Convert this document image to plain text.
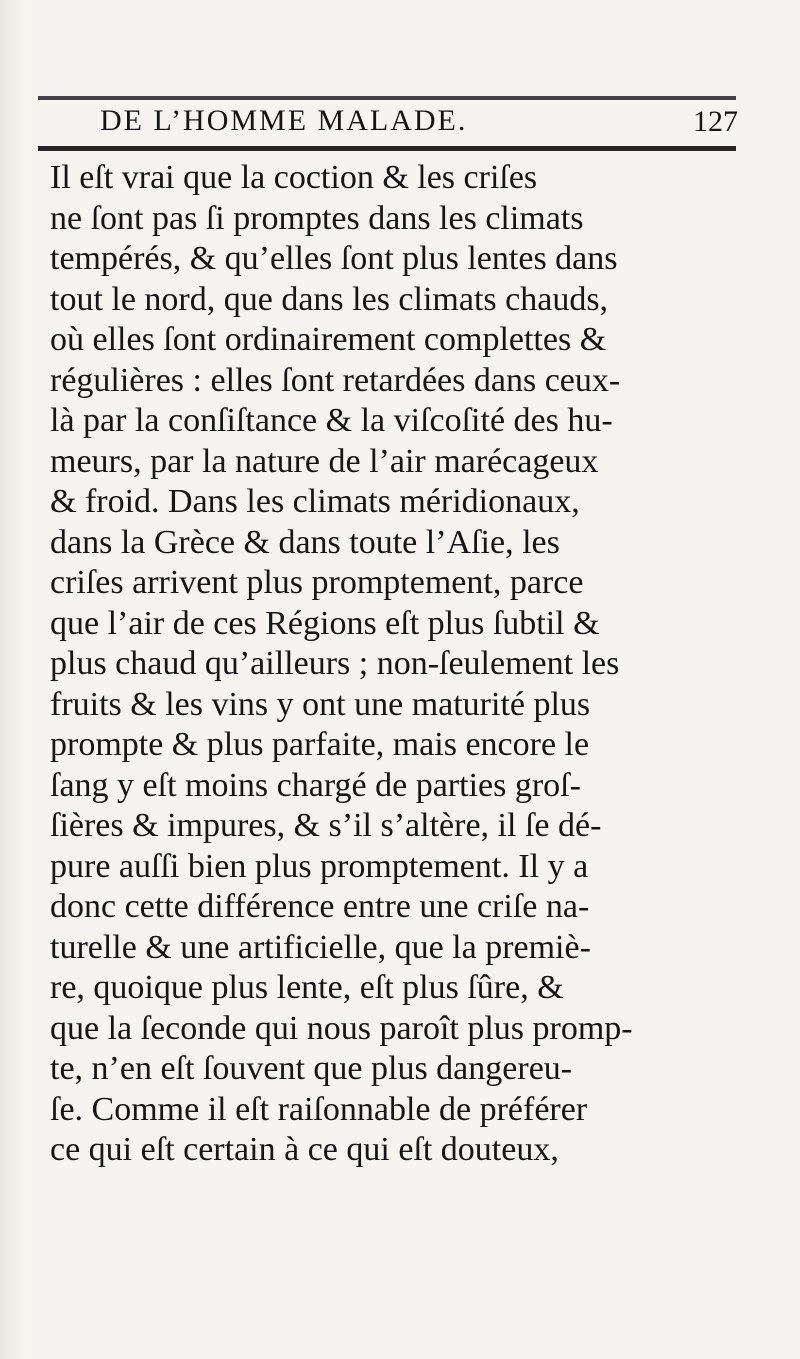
DE L’HOMME MALADE.	127
Il eſt vrai que la coction & les criſes
ne ſont pas ſi promptes dans les climats
tempérés, & qu’elles ſont plus lentes dans
tout le nord, que dans les climats chauds,
où elles ſont ordinairement complettes &
régulières : elles ſont retardées dans ceux-
là par la conſiſtance & la viſcoſité des hu-
meurs, par la nature de l’air marécageux
& froid. Dans les climats méridionaux,
dans la Grèce & dans toute l’Aſie, les
criſes arrivent plus promptement, parce
que l’air de ces Régions eſt plus ſubtil &
plus chaud qu’ailleurs ; non-ſeulement les
fruits & les vins y ont une maturité plus
prompte & plus parfaite, mais encore le
ſang y eſt moins chargé de parties groſ-
ſières & impures, & s’il s’altère, il ſe dé-
pure auſſi bien plus promptement. Il y a
donc cette différence entre une criſe na-
turelle & une artificielle, que la premiè-
re, quoique plus lente, eſt plus ſûre, &
que la ſeconde qui nous paroît plus promp-
te, n’en eſt ſouvent que plus dangereu-
ſe. Comme il eſt raiſonnable de préférer
ce qui eſt certain à ce qui eſt douteux,
